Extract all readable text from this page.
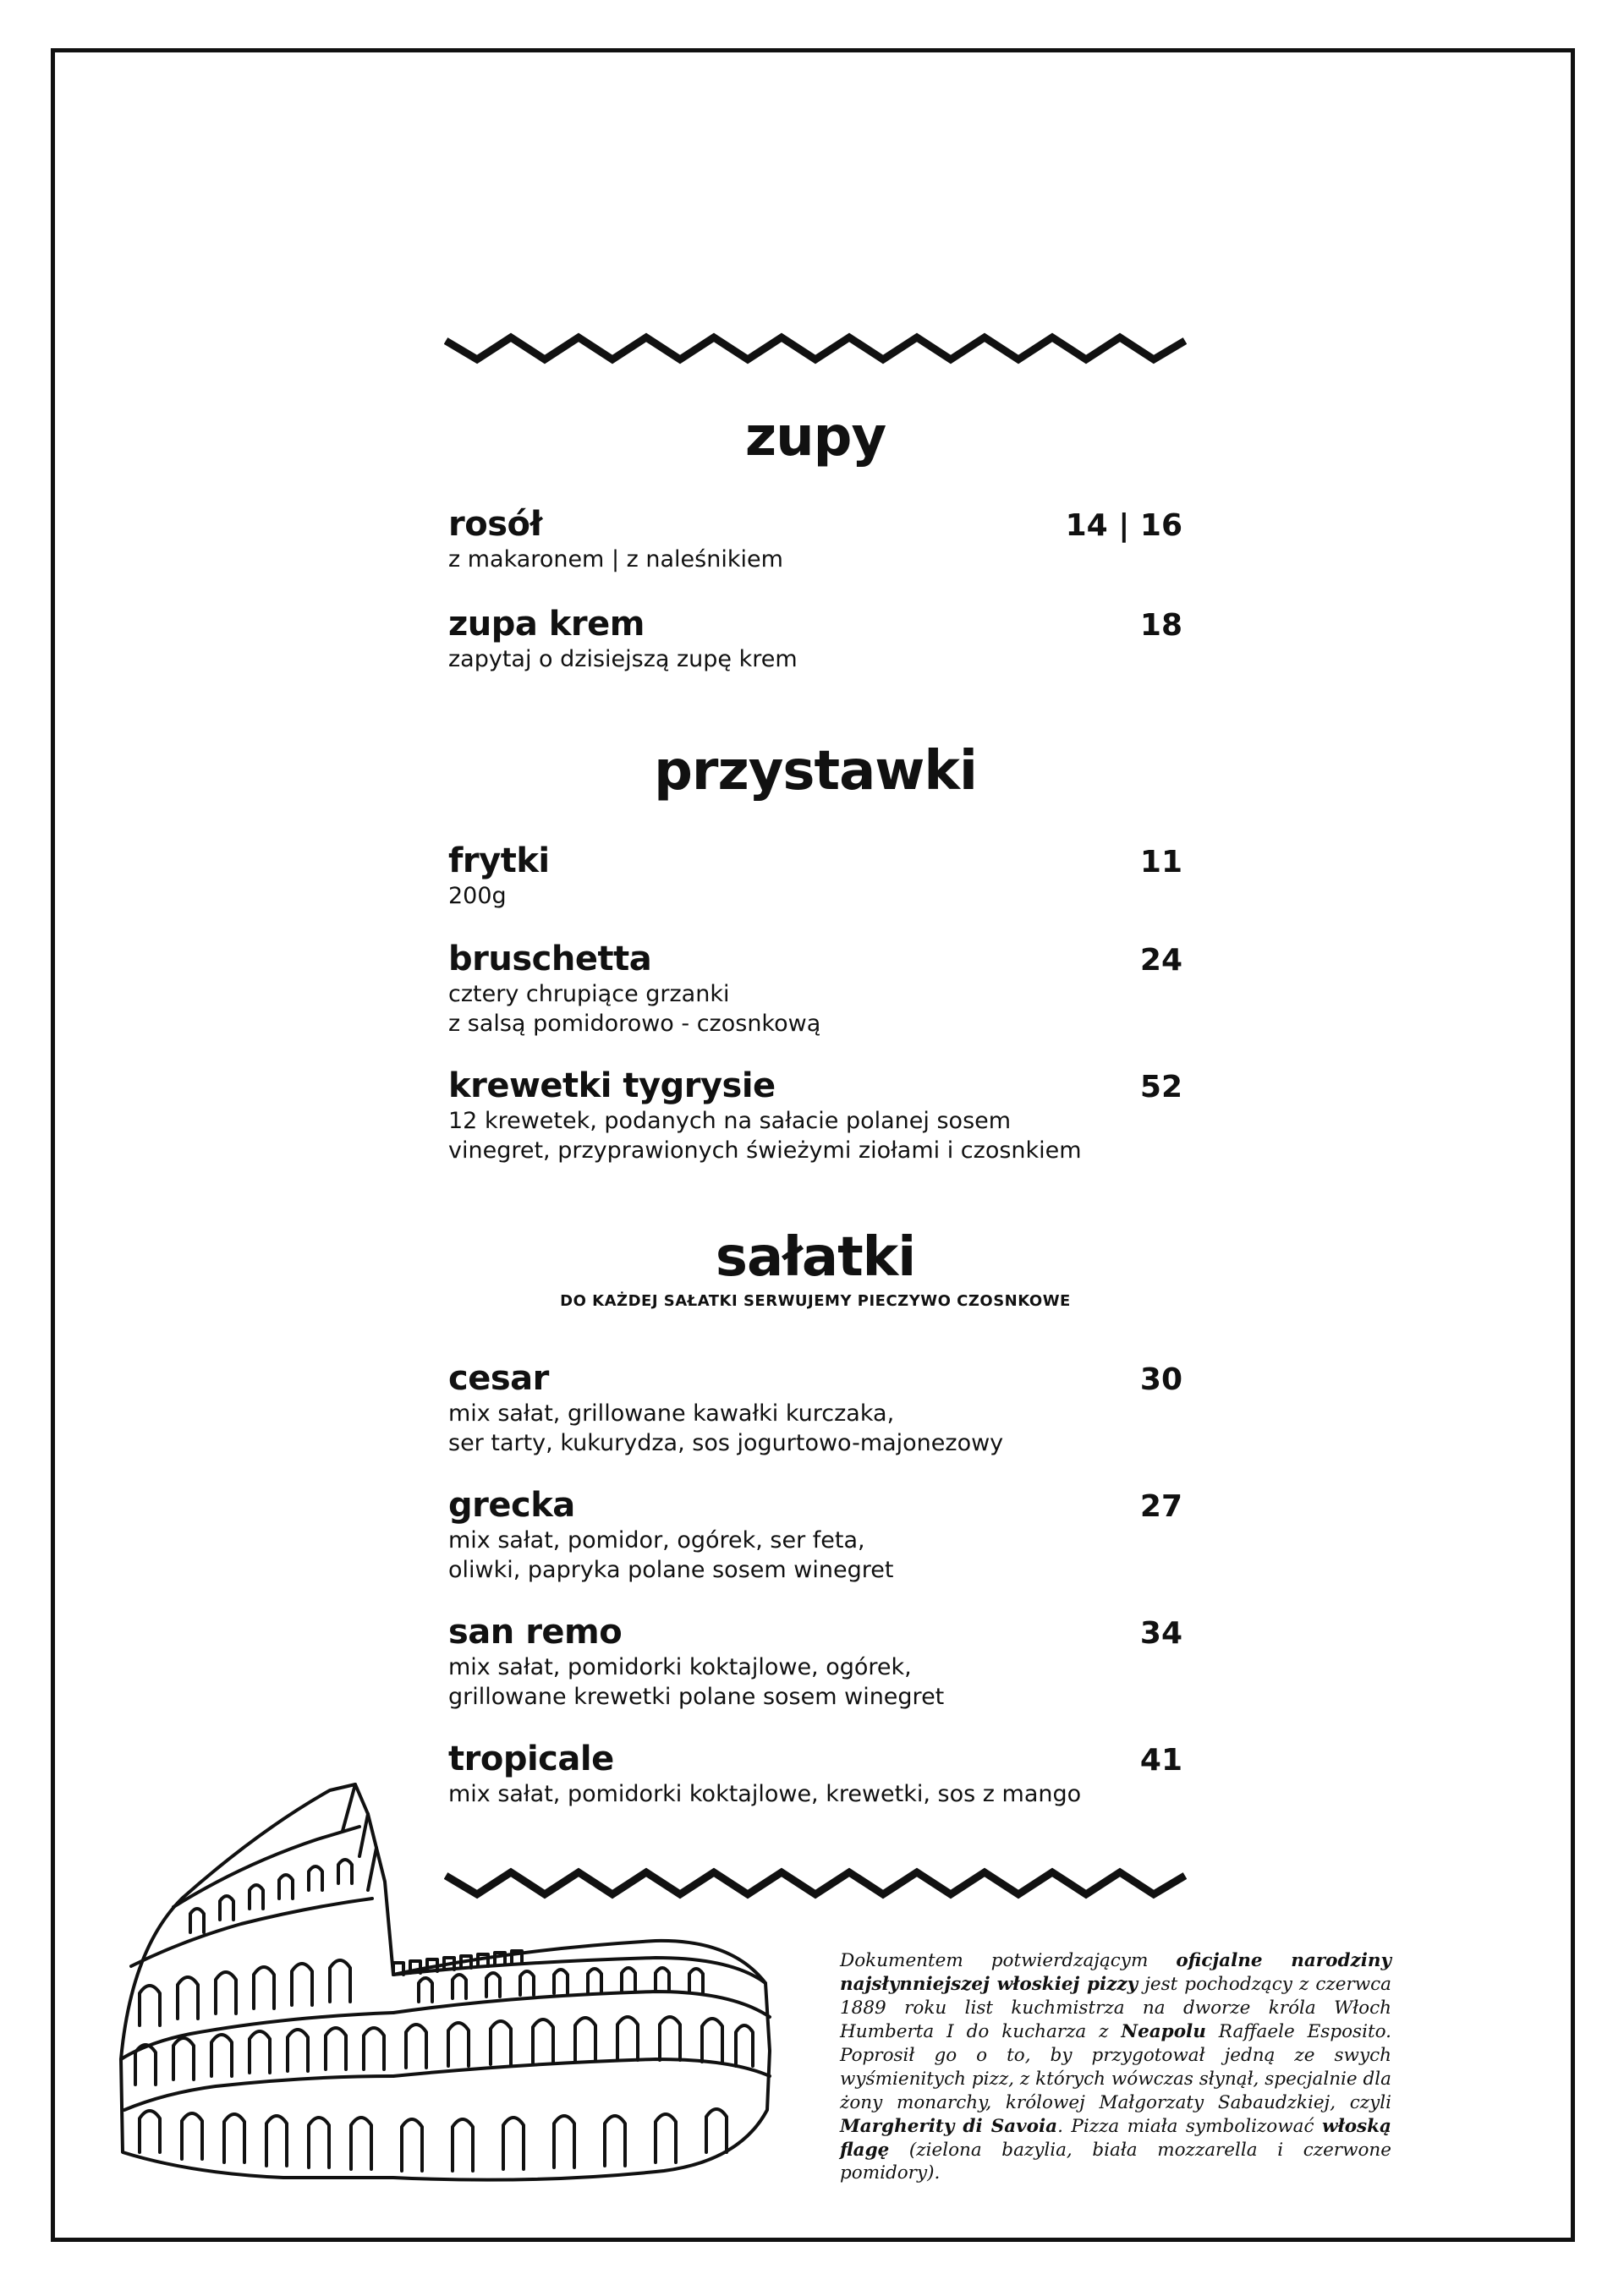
zupy
rosół	14 | 16
z makaronem | z naleśnikiem
zupa krem	18
zapytaj o dzisiejszą zupę krem
przystawki
frytki	11
200g
bruschetta	24
cztery chrupiące grzanki
z salsą pomidorowo - czosnkową
krewetki tygrysie	52
12 krewetek, podanych na sałacie polanej sosem
vinegret, przyprawionych świeżymi ziołami i czosnkiem
sałatki
DO KAŻDEJ SAŁATKI SERWUJEMY PIECZYWO CZOSNKOWE
cesar	30
mix sałat, grillowane kawałki kurczaka,
ser tarty, kukurydza, sos jogurtowo-majonezowy
grecka	27
mix sałat, pomidor, ogórek, ser feta,
oliwki, papryka polane sosem winegret
san remo	34
mix sałat, pomidorki koktajlowe, ogórek,
grillowane krewetki polane sosem winegret
tropicale	41
mix sałat, pomidorki koktajlowe, krewetki, sos z mango
Dokumentem potwierdzającym oficjalne narodziny najsłynniejszej włoskiej pizzy jest pochodzący z czerwca 1889 roku list kuchmistrza na dworze króla Włoch Humberta I do kucharza z Neapolu Raffaele Esposito. Poprosił go o to, by przygotował jedną ze swych wyśmienitych pizz, z których wówczas słynął, specjalnie dla żony monarchy, królowej Małgorzaty Sabaudzkiej, czyli Margherity di Savoia. Pizza miała symbolizować włoską flagę (zielona bazylia, biała mozzarella i czerwone pomidory).
